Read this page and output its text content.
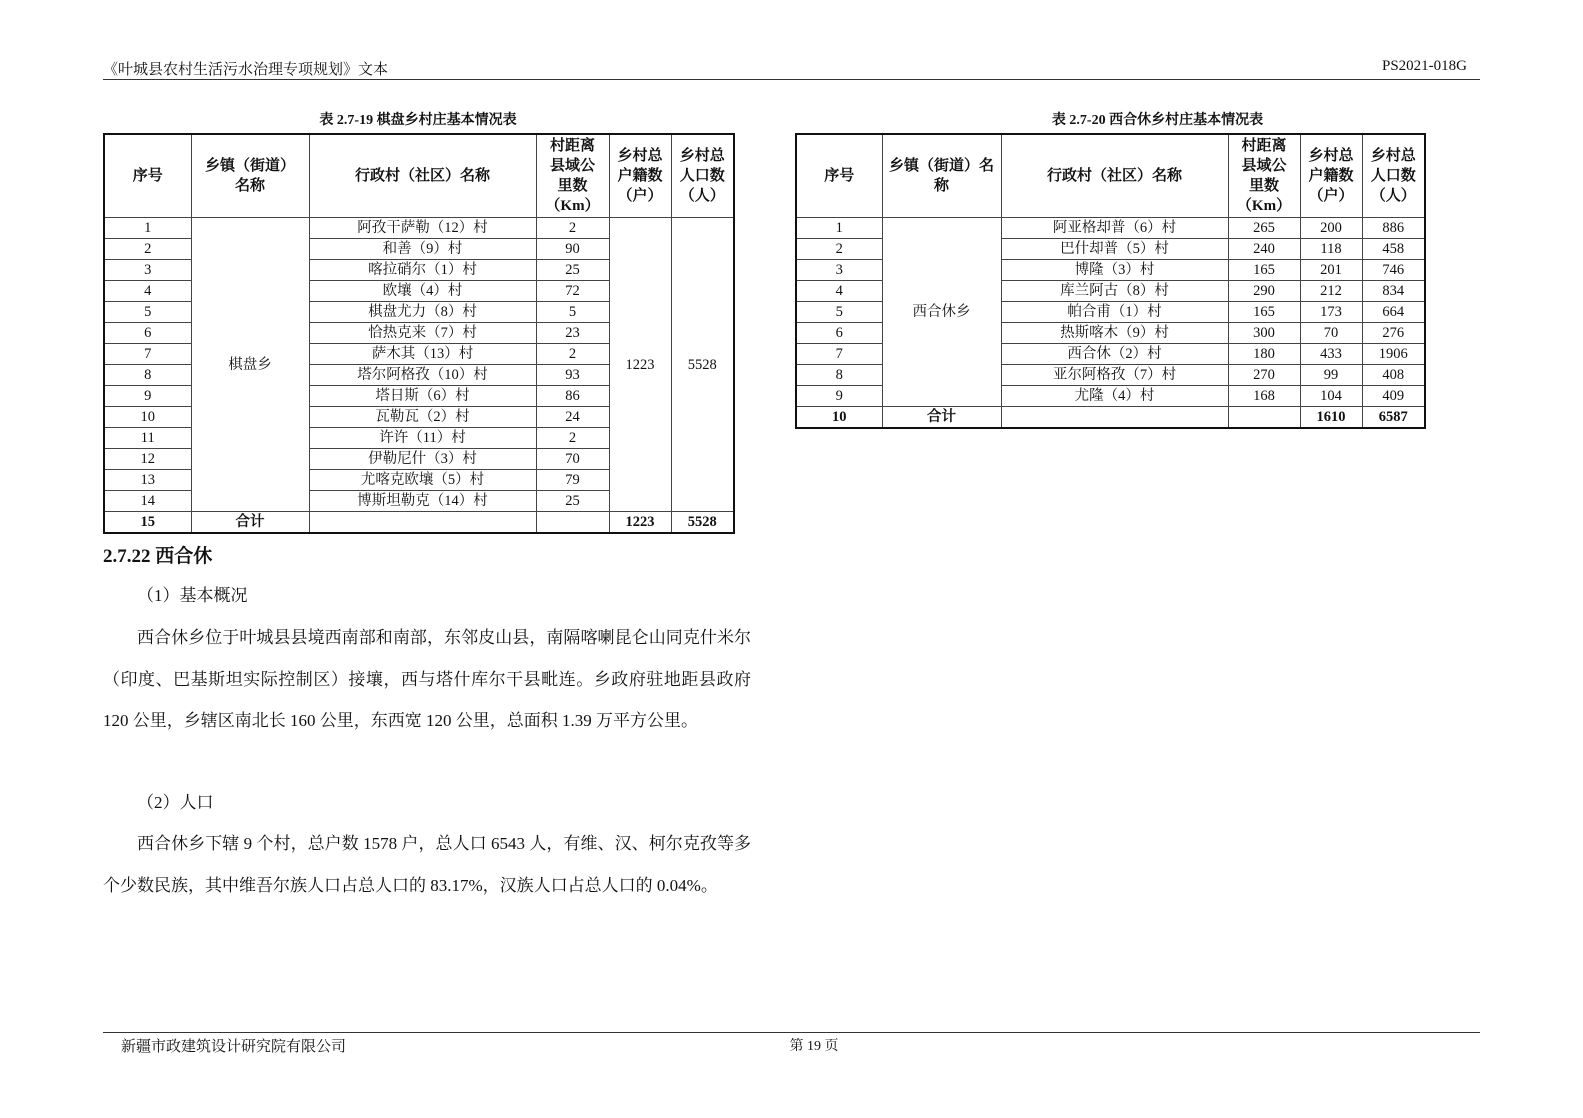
《叶城县农村生活污水治理专项规划》文本	PS2021-018G
表 2.7-19 棋盘乡村庄基本情况表
序号	乡镇（街道）名称	行政村（社区）名称	村距离县域公里数（Km）	乡村总户籍数（户）	乡村总人口数（人）

1	棋盘乡	阿孜干萨勒（12）村	2	1223	5528
2		和善（9）村	90		
3		喀拉硝尔（1）村	25		
4		欧壤（4）村	72		
5		棋盘尤力（8）村	5		
6		恰热克来（7）村	23		
7		萨木其（13）村	2		
8		塔尔阿格孜（10）村	93		
9		塔日斯（6）村	86		
10		瓦勒瓦（2）村	24		
11		许许（11）村	2		
12		伊勒尼什（3）村	70		
13		尤喀克欧壤（5）村	79		
14		博斯坦勒克（14）村	25		
15	合计			1223	5528
表 2.7-20 西合休乡村庄基本情况表
序号	乡镇（街道）名称	行政村（社区）名称	村距离县域公里数（Km）	乡村总户籍数（户）	乡村总人口数（人）

1	西合休乡	阿亚格却普（6）村	265	200	886
2		巴什却普（5）村	240	118	458
3		博隆（3）村	165	201	746
4		库兰阿古（8）村	290	212	834
5		帕合甫（1）村	165	173	664
6		热斯喀木（9）村	300	70	276
7		西合休（2）村	180	433	1906
8		亚尔阿格孜（7）村	270	99	408
9		尤隆（4）村	168	104	409
10	合计			1610	6587
2.7.22 西合休
（1）基本概况
西合休乡位于叶城县县境西南部和南部，东邻皮山县，南隔喀喇昆仑山同克什米尔（印度、巴基斯坦实际控制区）接壤，西与塔什库尔干县毗连。乡政府驻地距县政府 120 公里，乡辖区南北长 160 公里，东西宽 120 公里，总面积 1.39 万平方公里。
（2）人口
西合休乡下辖 9 个村，总户数 1578 户，总人口 6543 人，有维、汉、柯尔克孜等多个少数民族，其中维吾尔族人口占总人口的 83.17%，汉族人口占总人口的 0.04%。
新疆市政建筑设计研究院有限公司	第 19 页
